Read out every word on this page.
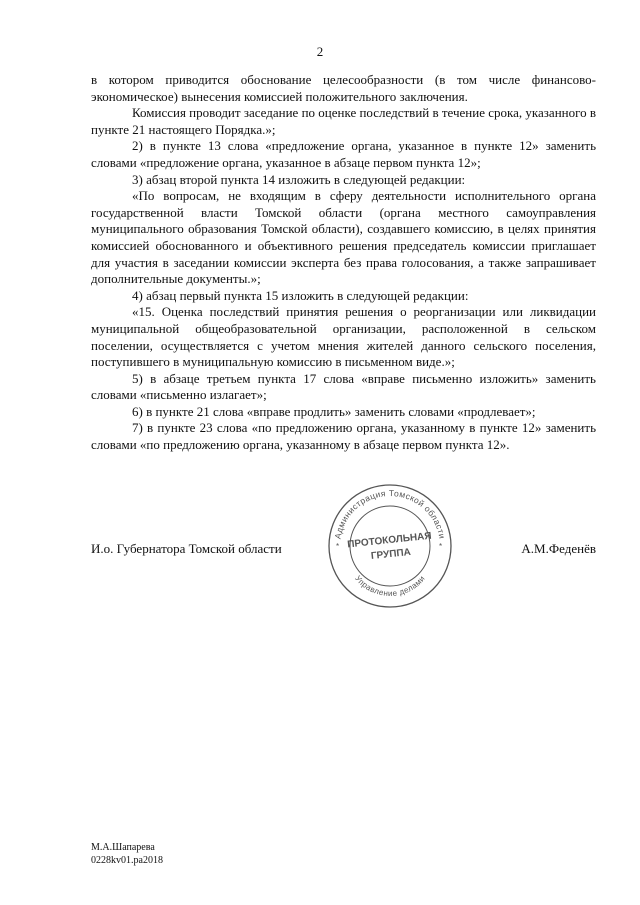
2

в котором приводится обоснование целесообразности (в том числе финансово-экономическое) вынесения комиссией положительного заключения.

Комиссия проводит заседание по оценке последствий в течение срока, указанного в пункте 21 настоящего Порядка.»;

2) в пункте 13 слова «предложение органа, указанное в пункте 12» заменить словами «предложение органа, указанное в абзаце первом пункта 12»;

3) абзац второй пункта 14 изложить в следующей редакции:

«По вопросам, не входящим в сферу деятельности исполнительного органа государственной власти Томской области (органа местного самоуправления муниципального образования Томской области), создавшего комиссию, в целях принятия комиссией обоснованного и объективного решения председатель комиссии приглашает для участия в заседании комиссии эксперта без права голосования, а также запрашивает дополнительные документы.»;

4) абзац первый пункта 15 изложить в следующей редакции:

«15. Оценка последствий принятия решения о реорганизации или ликвидации муниципальной общеобразовательной организации, расположенной в сельском поселении, осуществляется с учетом мнения жителей данного сельского поселения, поступившего в муниципальную комиссию в письменном виде.»;

5) в абзаце третьем пункта 17 слова «вправе письменно изложить» заменить словами «письменно излагает»;

6) в пункте 21 слова «вправе продлить» заменить словами «продлевает»;

7) в пункте 23 слова «по предложению органа, указанному в пункте 12» заменить словами «по предложению органа, указанному в абзаце первом пункта 12».

И.о. Губернатора Томской области	А.М.Феденёв
Администрация Томской области
Управление делами
*	*
ПРОТОКОЛЬНАЯ
ГРУППА
М.А.Шапарева
0228kv01.pa2018
